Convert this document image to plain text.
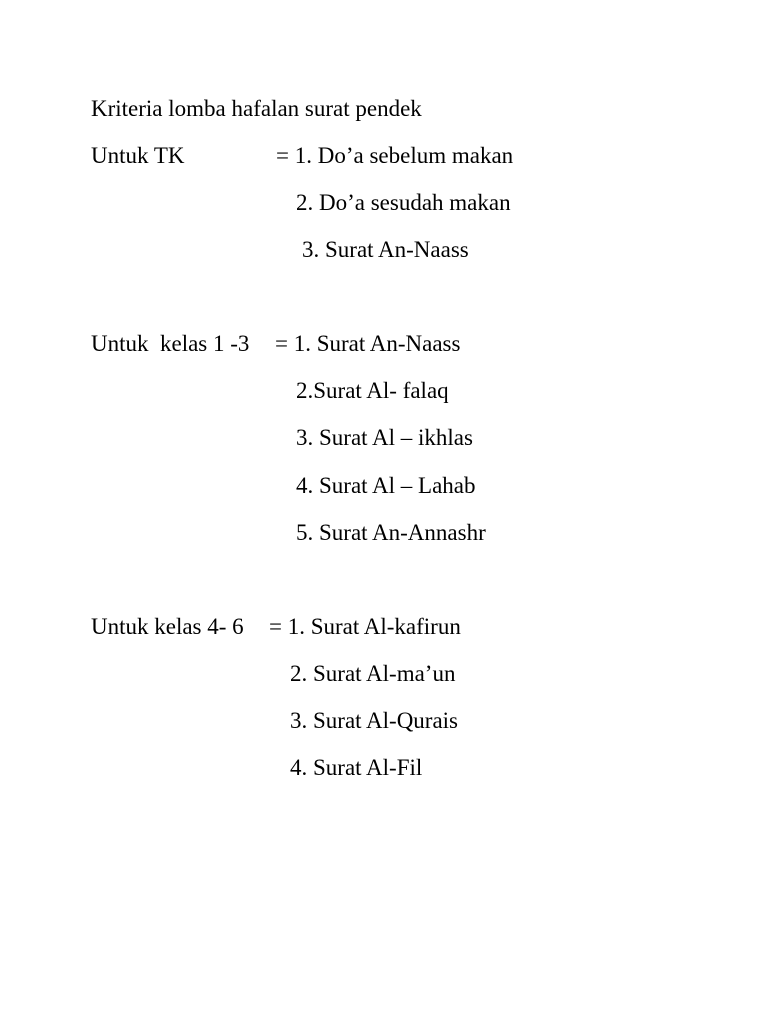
Kriteria lomba hafalan surat pendek
Untuk TK	= 1. Do’a sebelum makan
2. Do’a sesudah makan
3. Surat An-Naass
Untuk  kelas 1 -3 = 1. Surat An-Naass
2.Surat Al- falaq
3. Surat Al – ikhlas
4. Surat Al – Lahab
5. Surat An-Annashr
Untuk kelas 4- 6 = 1. Surat Al-kafirun
2. Surat Al-ma’un
3. Surat Al-Qurais
4. Surat Al-Fil
